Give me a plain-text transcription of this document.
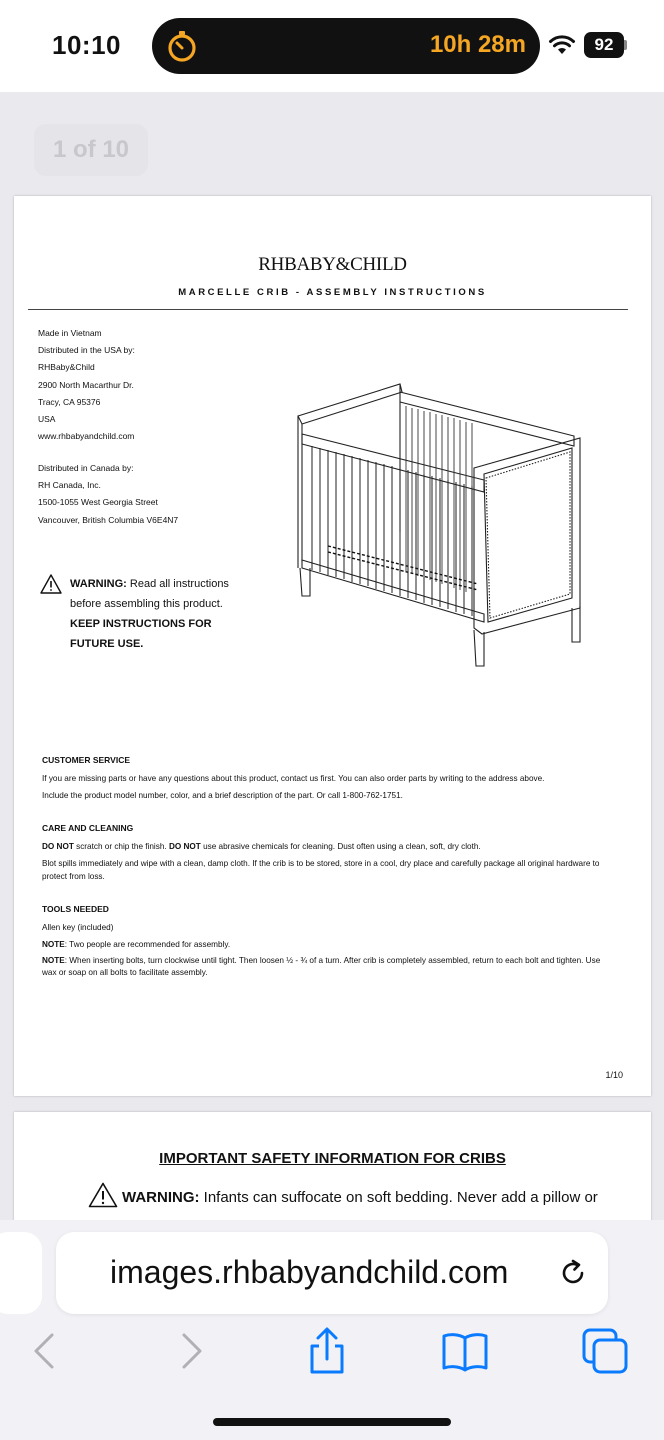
10:10	10h 28m	92
1 of 10
RHBABY&CHILD
MARCELLE CRIB - ASSEMBLY INSTRUCTIONS
Made in Vietnam
Distributed in the USA by:
RHBaby&Child
2900 North Macarthur Dr.
Tracy, CA 95376
USA
www.rhbabyandchild.com
Distributed in Canada by:
RH Canada, Inc.
1500-1055 West Georgia Street
Vancouver, British Columbia V6E4N7
WARNING: Read all instructions before assembling this product. KEEP INSTRUCTIONS FOR FUTURE USE.
CUSTOMER SERVICE
If you are missing parts or have any questions about this product, contact us first. You can also order parts by writing to the address above.
Include the product model number, color, and a brief description of the part. Or call 1-800-762-1751.
CARE AND CLEANING
DO NOT scratch or chip the finish. DO NOT use abrasive chemicals for cleaning. Dust often using a clean, soft, dry cloth.
Blot spills immediately and wipe with a clean, damp cloth. If the crib is to be stored, store in a cool, dry place and carefully package all original hardware to protect from loss.
TOOLS NEEDED
Allen key (included)
NOTE: Two people are recommended for assembly.
NOTE: When inserting bolts, turn clockwise until tight. Then loosen ½ - ¾ of a turn. After crib is completely assembled, return to each bolt and tighten. Use wax or soap on all bolts to facilitate assembly.
1/10
IMPORTANT SAFETY INFORMATION FOR CRIBS
WARNING: Infants can suffocate on soft bedding. Never add a pillow or
images.rhbabyandchild.com
